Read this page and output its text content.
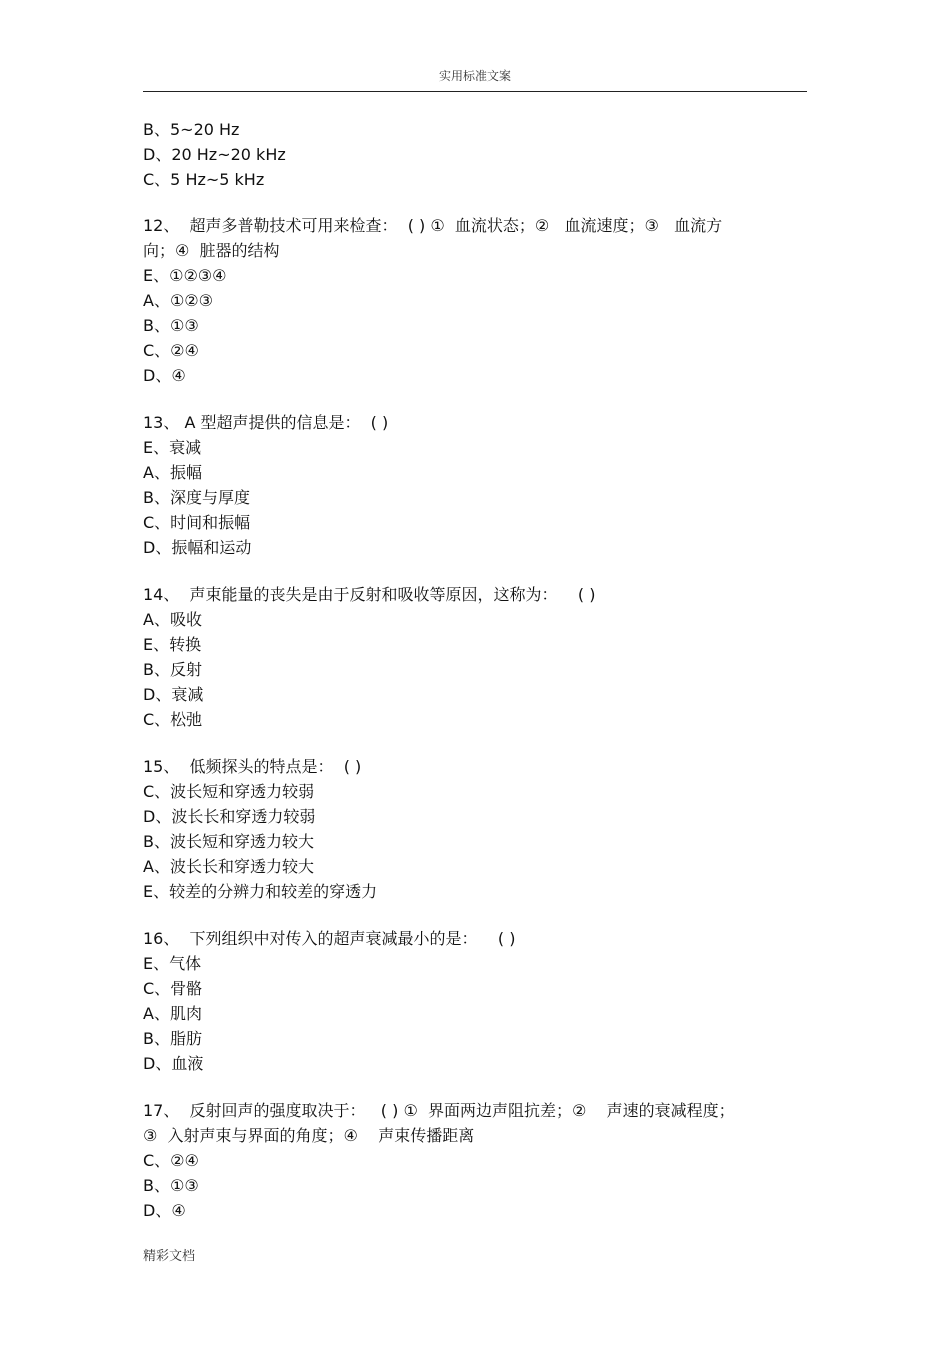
实用标准文案
B、5~20 Hz
D、20 Hz~20 kHz
C、5 Hz~5 kHz
12、  超声多普勒技术可用来检查：  ( ) ①  血流状态；②   血流速度；③   血流方
向；④  脏器的结构
E、①②③④
A、①②③
B、①③
C、②④
D、④
13、 A 型超声提供的信息是：  ( )
E、衰减
A、振幅
B、深度与厚度
C、时间和振幅
D、振幅和运动
14、  声束能量的丧失是由于反射和吸收等原因，这称为：    ( )
A、吸收
E、转换
B、反射
D、衰减
C、松弛
15、  低频探头的特点是：  ( )
C、波长短和穿透力较弱
D、波长长和穿透力较弱
B、波长短和穿透力较大
A、波长长和穿透力较大
E、较差的分辨力和较差的穿透力
16、  下列组织中对传入的超声衰减最小的是：    ( )
E、气体
C、骨骼
A、肌肉
B、脂肪
D、血液
17、  反射回声的强度取决于：   ( ) ①  界面两边声阻抗差；②    声速的衰减程度；
③  入射声束与界面的角度；④    声束传播距离
C、②④
B、①③
D、④
精彩文档
